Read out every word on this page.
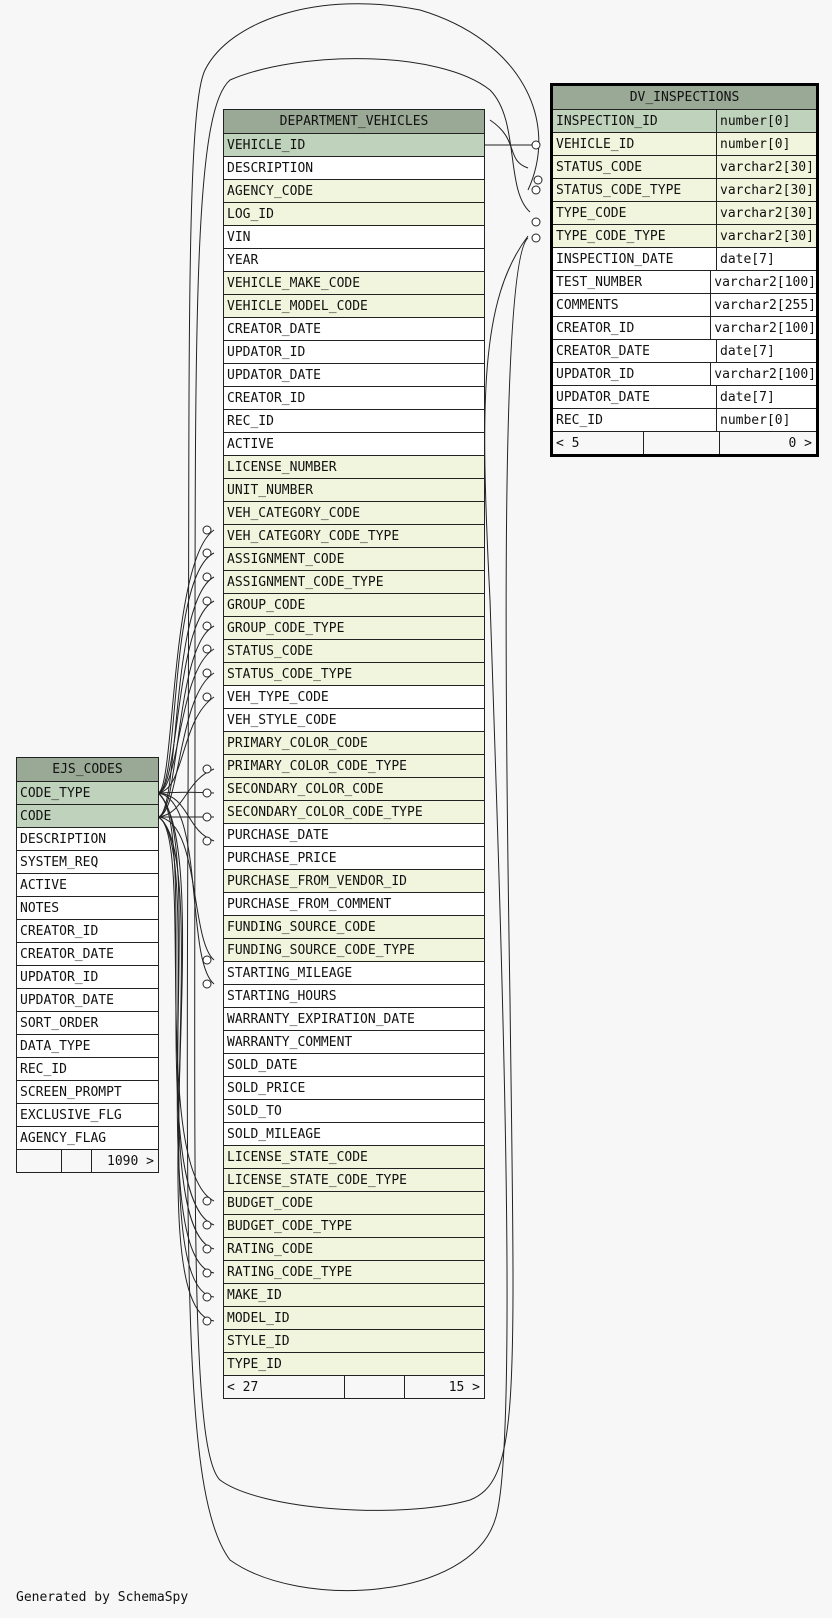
DEPARTMENT_VEHICLES
VEHICLE_ID
DESCRIPTION
AGENCY_CODE
LOG_ID
VIN
YEAR
VEHICLE_MAKE_CODE
VEHICLE_MODEL_CODE
CREATOR_DATE
UPDATOR_ID
UPDATOR_DATE
CREATOR_ID
REC_ID
ACTIVE
LICENSE_NUMBER
UNIT_NUMBER
VEH_CATEGORY_CODE
VEH_CATEGORY_CODE_TYPE
ASSIGNMENT_CODE
ASSIGNMENT_CODE_TYPE
GROUP_CODE
GROUP_CODE_TYPE
STATUS_CODE
STATUS_CODE_TYPE
VEH_TYPE_CODE
VEH_STYLE_CODE
PRIMARY_COLOR_CODE
PRIMARY_COLOR_CODE_TYPE
SECONDARY_COLOR_CODE
SECONDARY_COLOR_CODE_TYPE
PURCHASE_DATE
PURCHASE_PRICE
PURCHASE_FROM_VENDOR_ID
PURCHASE_FROM_COMMENT
FUNDING_SOURCE_CODE
FUNDING_SOURCE_CODE_TYPE
STARTING_MILEAGE
STARTING_HOURS
WARRANTY_EXPIRATION_DATE
WARRANTY_COMMENT
SOLD_DATE
SOLD_PRICE
SOLD_TO
SOLD_MILEAGE
LICENSE_STATE_CODE
LICENSE_STATE_CODE_TYPE
BUDGET_CODE
BUDGET_CODE_TYPE
RATING_CODE
RATING_CODE_TYPE
MAKE_ID
MODEL_ID
STYLE_ID
TYPE_ID
< 27	15 >
DV_INSPECTIONS
INSPECTION_ID	number[0]
VEHICLE_ID	number[0]
STATUS_CODE	varchar2[30]
STATUS_CODE_TYPE	varchar2[30]
TYPE_CODE	varchar2[30]
TYPE_CODE_TYPE	varchar2[30]
INSPECTION_DATE	date[7]
TEST_NUMBER	varchar2[100]
COMMENTS	varchar2[255]
CREATOR_ID	varchar2[100]
CREATOR_DATE	date[7]
UPDATOR_ID	varchar2[100]
UPDATOR_DATE	date[7]
REC_ID	number[0]
< 5	0 >
EJS_CODES
CODE_TYPE
CODE
DESCRIPTION
SYSTEM_REQ
ACTIVE
NOTES
CREATOR_ID
CREATOR_DATE
UPDATOR_ID
UPDATOR_DATE
SORT_ORDER
DATA_TYPE
REC_ID
SCREEN_PROMPT
EXCLUSIVE_FLG
AGENCY_FLAG
1090 >
Generated by SchemaSpy
